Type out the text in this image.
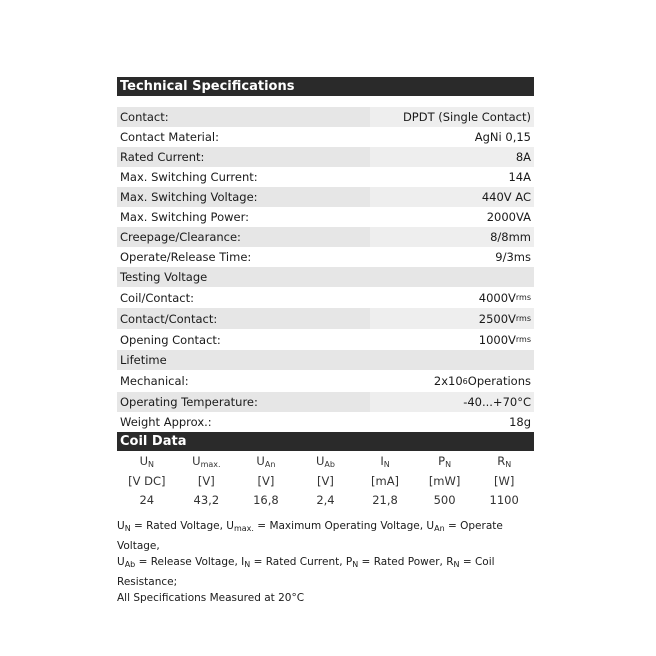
Technical Specifications
Contact:	DPDT (Single Contact)
Contact Material:	AgNi 0,15
Rated Current:	8A
Max. Switching Current:	14A
Max. Switching Voltage:	440V AC
Max. Switching Power:	2000VA
Creepage/Clearance:	8/8mm
Operate/Release Time:	9/3ms
Testing Voltage
Coil/Contact:	4000V rms
Contact/Contact:	2500V rms
Opening Contact:	1000V rms
Lifetime
Mechanical:	2x10 6 Operations
Operating Temperature:	-40...+70°C
Weight Approx.:	18g
Coil Data
$U_N$	$U_{max.}$	$U_{An}$	$U_{Ab}$	$I_N$	$P_N$	$R_N$
[V DC]	[V]	[V]	[V]	[mA]	[mW]	[W]
24	43,2	16,8	2,4	21,8	500	1100
$U_N$ = Rated Voltage, $U_{max.}$ = Maximum Operating Voltage, $U_{An}$ = Operate Voltage,
$U_{Ab}$ = Release Voltage, $I_N$ = Rated Current, $P_N$ = Rated Power, $R_N$ = Coil Resistance;
All Specifications Measured at 20°C
